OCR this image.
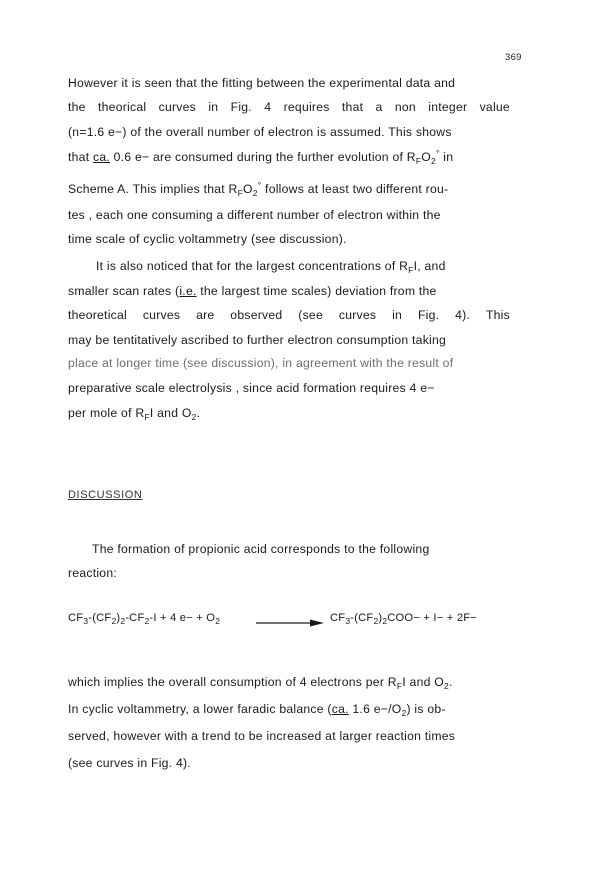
369
However it is seen that the fitting between the experimental data and
the theorical curves in Fig. 4 requires that a non integer value
(n=1.6 e−) of the overall number of electron is assumed. This shows
that ca. 0.6 e− are consumed during the further evolution of $R_FO_2^\circ$ in
Scheme A. This implies that $R_FO_2^\circ$ follows at least two different rou-
tes , each one consuming a different number of electron within the
time scale of cyclic voltammetry (see discussion).
It is also noticed that for the largest concentrations of $R_FI$, and
smaller scan rates (i.e. the largest time scales) deviation from the
theoretical curves are observed (see curves in Fig. 4). This
may be tentitatively ascribed to further electron consumption taking
place at longer time (see discussion), in agreement with the result of
preparative scale electrolysis , since acid formation requires 4 e−
per mole of $R_FI$ and $O_2$.
DISCUSSION
The formation of propionic acid corresponds to the following
reaction:
$CF_3-(CF_2)_2-CF_2-I + 4$ $e- + O_2$	$CF_3-(CF_2)_2COO- + I- + 2F-$
which implies the overall consumption of 4 electrons per $R_FI$ and $O_2$.
In cyclic voltammetry, a lower faradic balance (ca. 1.6 $e-/O_2$) is ob-
served, however with a trend to be increased at larger reaction times
(see curves in Fig. 4).
